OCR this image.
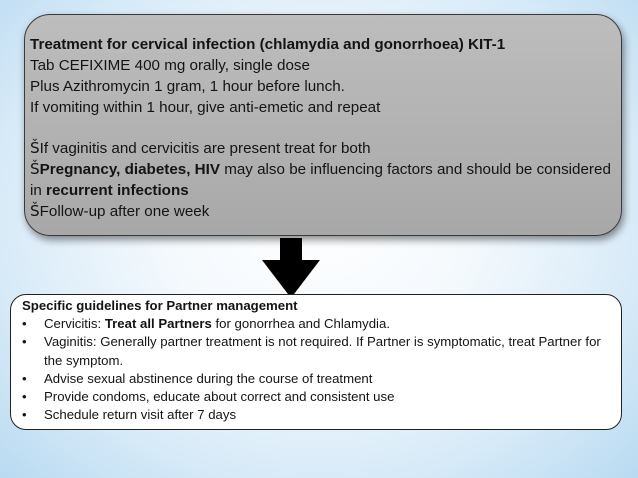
Treatment for cervical infection (chlamydia and gonorrhoea) KIT-1
Tab CEFIXIME 400 mg orally, single dose
Plus Azithromycin 1 gram, 1 hour before lunch.
If vomiting within 1 hour, give anti-emetic and repeat
ŠIf vaginitis and cervicitis are present treat for both
ŠPregnancy, diabetes, HIV may also be influencing factors and should be considered in recurrent infections
ŠFollow-up after one week
Specific guidelines for Partner management
• Cervicitis: Treat all Partners for gonorrhea and Chlamydia.
• Vaginitis: Generally partner treatment is not required. If Partner is symptomatic, treat Partner for the symptom.
• Advise sexual abstinence during the course of treatment
• Provide condoms, educate about correct and consistent use
• Schedule return visit after 7 days
